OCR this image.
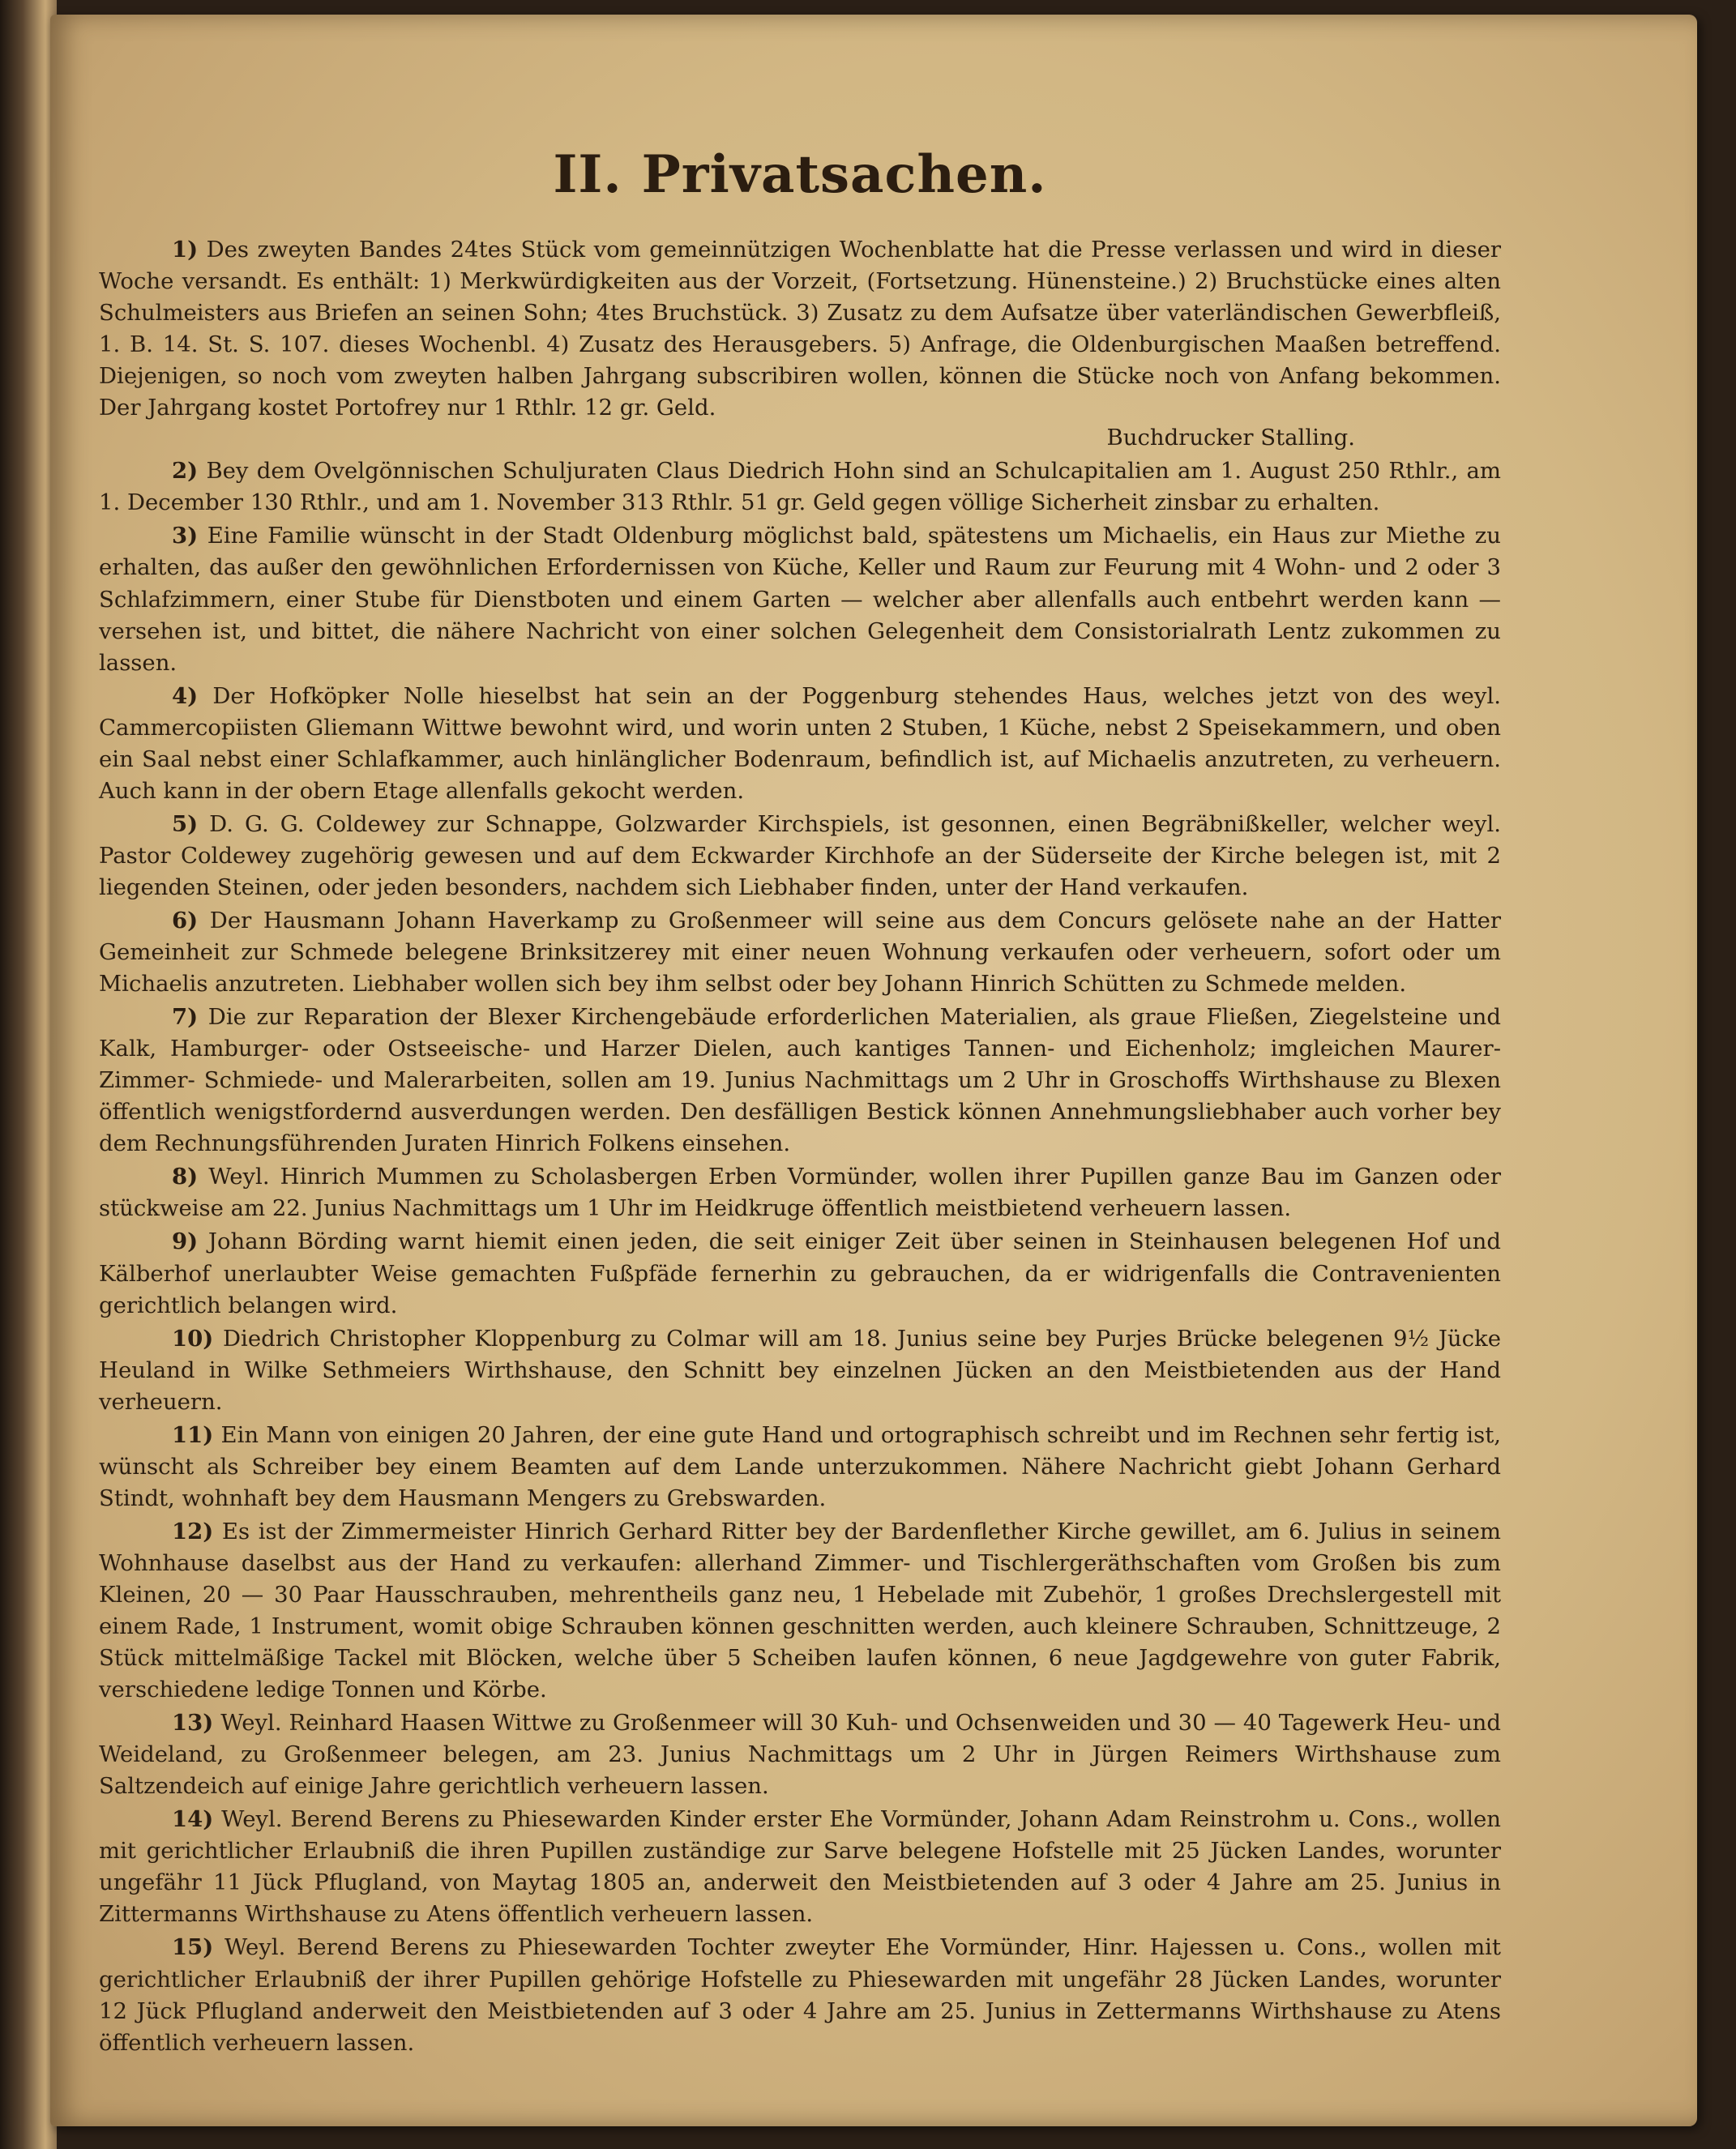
II. Privatsachen.

1) Des zweyten Bandes 24tes Stück vom gemeinnützigen Wochenblatte hat die Presse verlassen und wird in dieser Woche versandt. Es enthält: 1) Merkwürdigkeiten aus der Vorzeit, (Fortsetzung. Hünensteine.) 2) Bruchstücke eines alten Schulmeisters aus Briefen an seinen Sohn; 4tes Bruchstück. 3) Zusatz zu dem Aufsatze über vaterländischen Gewerbfleiß, 1. B. 14. St. S. 107. dieses Wochenbl. 4) Zusatz des Herausgebers. 5) Anfrage, die Oldenburgischen Maaßen betreffend. Diejenigen, so noch vom zweyten halben Jahrgang subscribiren wollen, können die Stücke noch von Anfang bekommen. Der Jahrgang kostet Portofrey nur 1 Rthlr. 12 gr. Geld.

Buchdrucker Stalling.

2) Bey dem Ovelgönnischen Schuljuraten Claus Diedrich Hohn sind an Schulcapitalien am 1. August 250 Rthlr., am 1. December 130 Rthlr., und am 1. November 313 Rthlr. 51 gr. Geld gegen völlige Sicherheit zinsbar zu erhalten.

3) Eine Familie wünscht in der Stadt Oldenburg möglichst bald, spätestens um Michaelis, ein Haus zur Miethe zu erhalten, das außer den gewöhnlichen Erfordernissen von Küche, Keller und Raum zur Feurung mit 4 Wohn- und 2 oder 3 Schlafzimmern, einer Stube für Dienstboten und einem Garten — welcher aber allenfalls auch entbehrt werden kann — versehen ist, und bittet, die nähere Nachricht von einer solchen Gelegenheit dem Consistorialrath Lentz zukommen zu lassen.

4) Der Hofköpker Nolle hieselbst hat sein an der Poggenburg stehendes Haus, welches jetzt von des weyl. Cammercopiisten Gliemann Wittwe bewohnt wird, und worin unten 2 Stuben, 1 Küche, nebst 2 Speisekammern, und oben ein Saal nebst einer Schlafkammer, auch hinlänglicher Bodenraum, befindlich ist, auf Michaelis anzutreten, zu verheuern. Auch kann in der obern Etage allenfalls gekocht werden.

5) D. G. G. Coldewey zur Schnappe, Golzwarder Kirchspiels, ist gesonnen, einen Begräbnißkeller, welcher weyl. Pastor Coldewey zugehörig gewesen und auf dem Eckwarder Kirchhofe an der Süderseite der Kirche belegen ist, mit 2 liegenden Steinen, oder jeden besonders, nachdem sich Liebhaber finden, unter der Hand verkaufen.

6) Der Hausmann Johann Haverkamp zu Großenmeer will seine aus dem Concurs gelösete nahe an der Hatter Gemeinheit zur Schmede belegene Brinksitzerey mit einer neuen Wohnung verkaufen oder verheuern, sofort oder um Michaelis anzutreten. Liebhaber wollen sich bey ihm selbst oder bey Johann Hinrich Schütten zu Schmede melden.

7) Die zur Reparation der Blexer Kirchengebäude erforderlichen Materialien, als graue Fließen, Ziegelsteine und Kalk, Hamburger- oder Ostseeische- und Harzer Dielen, auch kantiges Tannen- und Eichenholz; imgleichen Maurer- Zimmer- Schmiede- und Malerarbeiten, sollen am 19. Junius Nachmittags um 2 Uhr in Groschoffs Wirthshause zu Blexen öffentlich wenigstfordernd ausverdungen werden. Den desfälligen Bestick können Annehmungsliebhaber auch vorher bey dem Rechnungsführenden Juraten Hinrich Folkens einsehen.

8) Weyl. Hinrich Mummen zu Scholasbergen Erben Vormünder, wollen ihrer Pupillen ganze Bau im Ganzen oder stückweise am 22. Junius Nachmittags um 1 Uhr im Heidkruge öffentlich meistbietend verheuern lassen.

9) Johann Börding warnt hiemit einen jeden, die seit einiger Zeit über seinen in Steinhausen belegenen Hof und Kälberhof unerlaubter Weise gemachten Fußpfäde fernerhin zu gebrauchen, da er widrigenfalls die Contravenienten gerichtlich belangen wird.

10) Diedrich Christopher Kloppenburg zu Colmar will am 18. Junius seine bey Purjes Brücke belegenen 9½ Jücke Heuland in Wilke Sethmeiers Wirthshause, den Schnitt bey einzelnen Jücken an den Meistbietenden aus der Hand verheuern.

11) Ein Mann von einigen 20 Jahren, der eine gute Hand und ortographisch schreibt und im Rechnen sehr fertig ist, wünscht als Schreiber bey einem Beamten auf dem Lande unterzukommen. Nähere Nachricht giebt Johann Gerhard Stindt, wohnhaft bey dem Hausmann Mengers zu Grebswarden.

12) Es ist der Zimmermeister Hinrich Gerhard Ritter bey der Bardenflether Kirche gewillet, am 6. Julius in seinem Wohnhause daselbst aus der Hand zu verkaufen: allerhand Zimmer- und Tischlergeräthschaften vom Großen bis zum Kleinen, 20 — 30 Paar Hausschrauben, mehrentheils ganz neu, 1 Hebelade mit Zubehör, 1 großes Drechslergestell mit einem Rade, 1 Instrument, womit obige Schrauben können geschnitten werden, auch kleinere Schrauben, Schnittzeuge, 2 Stück mittelmäßige Tackel mit Blöcken, welche über 5 Scheiben laufen können, 6 neue Jagdgewehre von guter Fabrik, verschiedene ledige Tonnen und Körbe.

13) Weyl. Reinhard Haasen Wittwe zu Großenmeer will 30 Kuh- und Ochsenweiden und 30 — 40 Tagewerk Heu- und Weideland, zu Großenmeer belegen, am 23. Junius Nachmittags um 2 Uhr in Jürgen Reimers Wirthshause zum Saltzendeich auf einige Jahre gerichtlich verheuern lassen.

14) Weyl. Berend Berens zu Phiesewarden Kinder erster Ehe Vormünder, Johann Adam Reinstrohm u. Cons., wollen mit gerichtlicher Erlaubniß die ihren Pupillen zuständige zur Sarve belegene Hofstelle mit 25 Jücken Landes, worunter ungefähr 11 Jück Pflugland, von Maytag 1805 an, anderweit den Meistbietenden auf 3 oder 4 Jahre am 25. Junius in Zittermanns Wirthshause zu Atens öffentlich verheuern lassen.

15) Weyl. Berend Berens zu Phiesewarden Tochter zweyter Ehe Vormünder, Hinr. Hajessen u. Cons., wollen mit gerichtlicher Erlaubniß der ihrer Pupillen gehörige Hofstelle zu Phiesewarden mit ungefähr 28 Jücken Landes, worunter 12 Jück Pflugland anderweit den Meistbietenden auf 3 oder 4 Jahre am 25. Junius in Zettermanns Wirthshause zu Atens öffentlich verheuern lassen.
